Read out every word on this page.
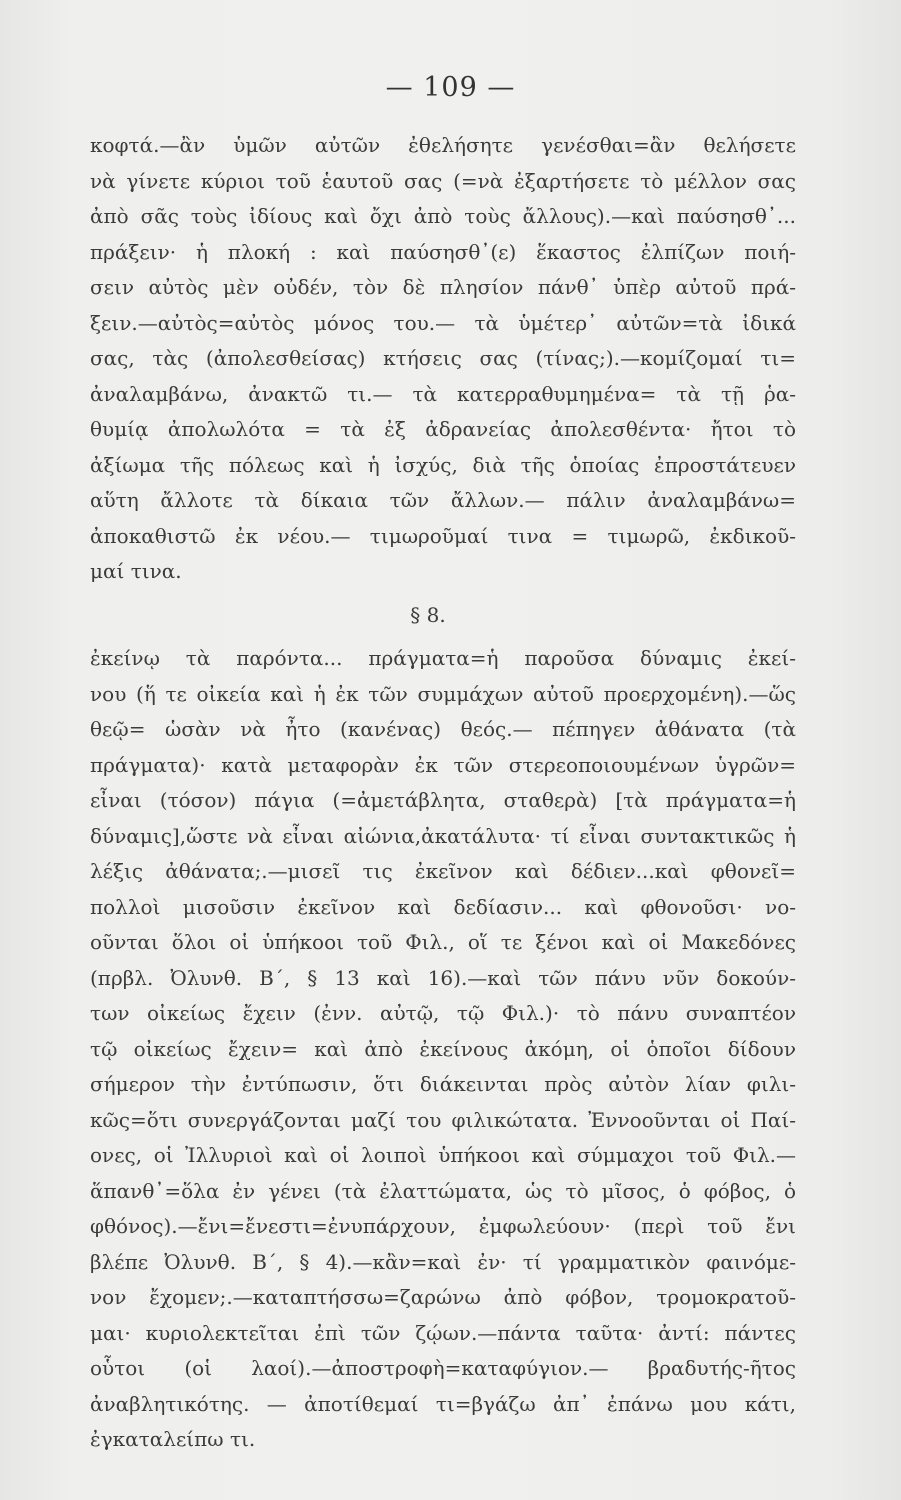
— 109 —
κοφτά.—ἂν ὑμῶν αὐτῶν ἐθελήσητε γενέσθαι=ἂν θελήσετε
νὰ γίνετε κύριοι τοῦ ἑαυτοῦ σας (=νὰ ἐξαρτήσετε τὸ μέλλον σας
ἀπὸ σᾶς τοὺς ἰδίους καὶ ὄχι ἀπὸ τοὺς ἄλλους).—καὶ παύσησθ᾽...
πράξειν· ἡ πλοκή : καὶ παύσησθ᾽(ε) ἕκαστος ἐλπίζων ποιή-
σειν αὐτὸς μὲν οὐδέν, τὸν δὲ πλησίον πάνθ᾽ ὑπὲρ αὐτοῦ πρά-
ξειν.—αὐτὸς=αὐτὸς μόνος του.— τὰ ὑμέτερ᾽ αὐτῶν=τὰ ἰδικά
σας, τὰς (ἀπολεσθείσας) κτήσεις σας (τίνας;).—κομίζομαί τι=
ἀναλαμβάνω, ἀνακτῶ τι.— τὰ κατερραθυμημένα= τὰ τῇ ῥα-
θυμίᾳ ἀπολωλότα = τὰ ἐξ ἀδρανείας ἀπολεσθέντα· ἤτοι τὸ
ἀξίωμα τῆς πόλεως καὶ ἡ ἰσχύς, διὰ τῆς ὁποίας ἐπροστάτευεν
αὕτη ἄλλοτε τὰ δίκαια τῶν ἄλλων.— πάλιν ἀναλαμβάνω=
ἀποκαθιστῶ ἐκ νέου.— τιμωροῦμαί τινα = τιμωρῶ, ἐκδικοῦ-
μαί τινα.
§ 8.
ἐκείνῳ τὰ παρόντα... πράγματα=ἡ παροῦσα δύναμις ἐκεί-
νου (ἥ τε οἰκεία καὶ ἡ ἐκ τῶν συμμάχων αὐτοῦ προερχομένη).—ὥς
θεῷ= ὡσὰν νὰ ἦτο (κανένας) θεός.— πέπηγεν ἀθάνατα (τὰ
πράγματα)· κατὰ μεταφορὰν ἐκ τῶν στερεοποιουμένων ὑγρῶν=
εἶναι (τόσον) πάγια (=ἀμετάβλητα, σταθερὰ) [τὰ πράγματα=ἡ
δύναμις],ὥστε νὰ εἶναι αἰώνια,ἀκατάλυτα· τί εἶναι συντακτικῶς ἡ
λέξις ἀθάνατα;.—μισεῖ τις ἐκεῖνον καὶ δέδιεν...καὶ φθονεῖ=
πολλοὶ μισοῦσιν ἐκεῖνον καὶ δεδίασιν... καὶ φθονοῦσι· νο-
οῦνται ὅλοι οἱ ὑπήκοοι τοῦ Φιλ., οἵ τε ξένοι καὶ οἱ Μακεδόνες
(πρβλ. Ὀλυνθ. Β´, § 13 καὶ 16).—καὶ τῶν πάνυ νῦν δοκούν-
των οἰκείως ἔχειν (ἐνν. αὐτῷ, τῷ Φιλ.)· τὸ πάνυ συναπτέον
τῷ οἰκείως ἔχειν= καὶ ἀπὸ ἐκείνους ἀκόμη, οἱ ὁποῖοι δίδουν
σήμερον τὴν ἐντύπωσιν, ὅτι διάκεινται πρὸς αὐτὸν λίαν φιλι-
κῶς=ὅτι συνεργάζονται μαζί του φιλικώτατα. Ἐννοοῦνται οἱ Παί-
ονες, οἱ Ἰλλυριοὶ καὶ οἱ λοιποὶ ὑπήκοοι καὶ σύμμαχοι τοῦ Φιλ.—
ἅπανθ᾽=ὅλα ἐν γένει (τὰ ἐλαττώματα, ὡς τὸ μῖσος, ὁ φόβος, ὁ
φθόνος).—ἔνι=ἔνεστι=ἐνυπάρχουν, ἐμφωλεύουν· (περὶ τοῦ ἔνι
βλέπε Ὀλυνθ. Β´, § 4).—κἂν=καὶ ἐν· τί γραμματικὸν φαινόμε-
νον ἔχομεν;.—καταπτήσσω=ζαρώνω ἀπὸ φόβον, τρομοκρατοῦ-
μαι· κυριολεκτεῖται ἐπὶ τῶν ζῴων.—πάντα ταῦτα· ἀντί: πάντες
οὗτοι (οἱ λαοί).—ἀποστροφὴ=καταφύγιον.— βραδυτής-ῆτος
ἀναβλητικότης. — ἀποτίθεμαί τι=βγάζω ἀπ᾽ ἐπάνω μου κάτι,
ἐγκαταλείπω τι.
